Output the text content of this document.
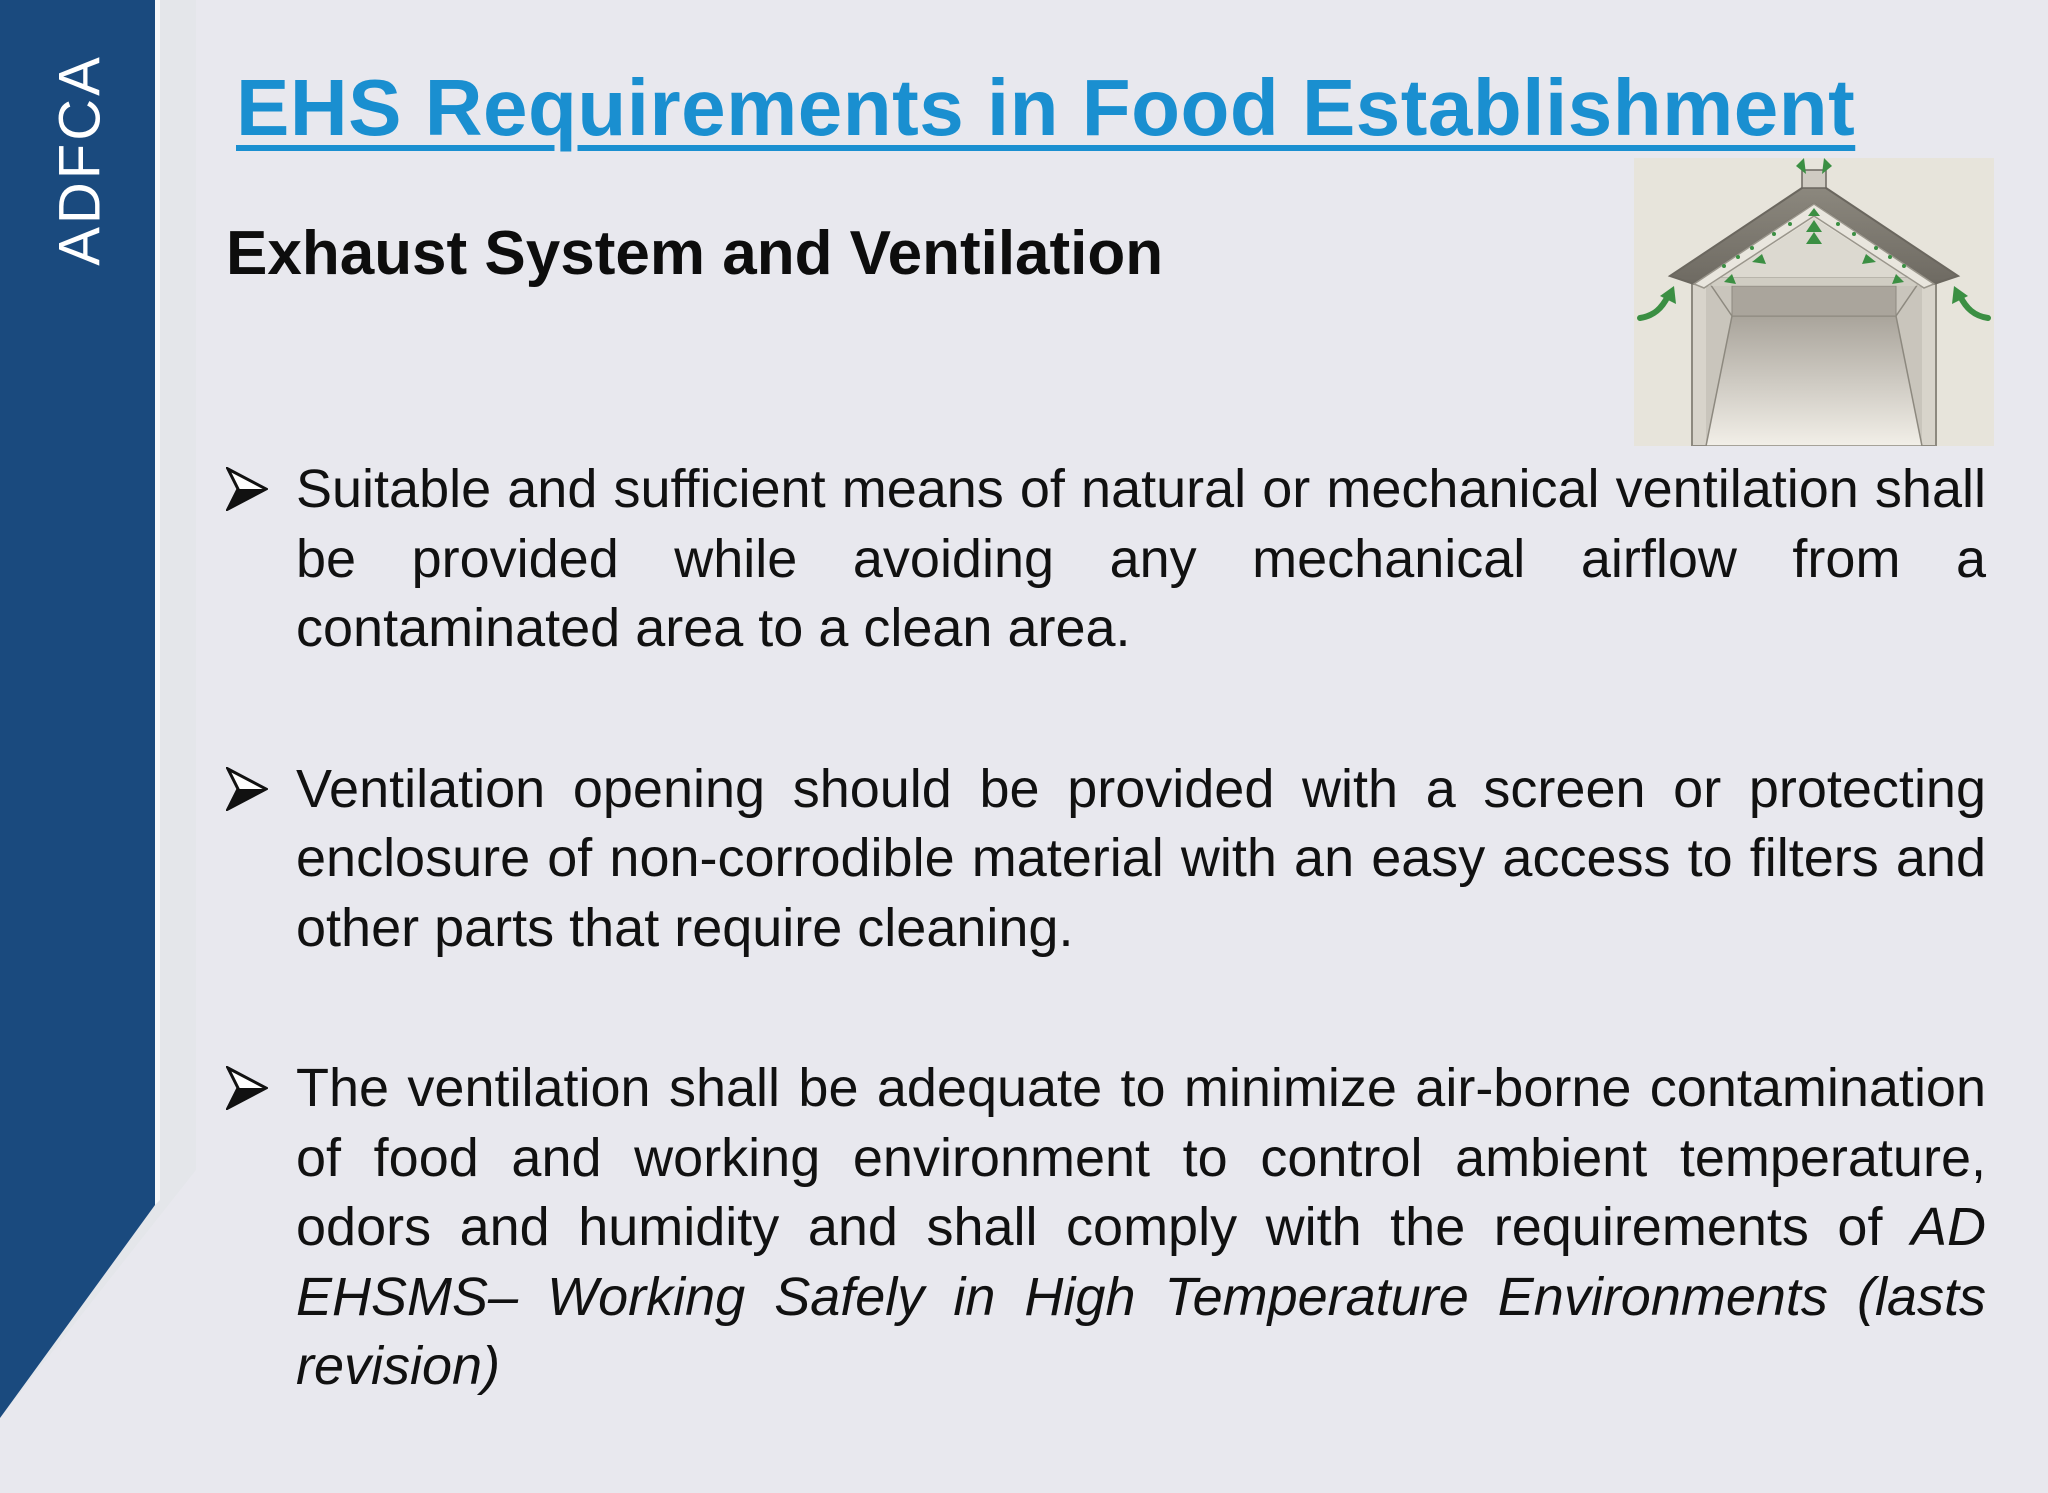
ADFCA EHS Requirements in Food Establishment
Exhaust System and Ventilation
Suitable and sufficient means of natural or mechanical ventilation shall be provided while avoiding any mechanical airflow from a contaminated area to a clean area.
Ventilation opening should be provided with a screen or protecting enclosure of non-corrodible material with an easy access to filters and other parts that require cleaning.
The ventilation shall be adequate to minimize air-borne contamination of food and working environment to control ambient temperature, odors and humidity and shall comply with the requirements of AD EHSMS– Working Safely in High Temperature Environments (lasts revision)
